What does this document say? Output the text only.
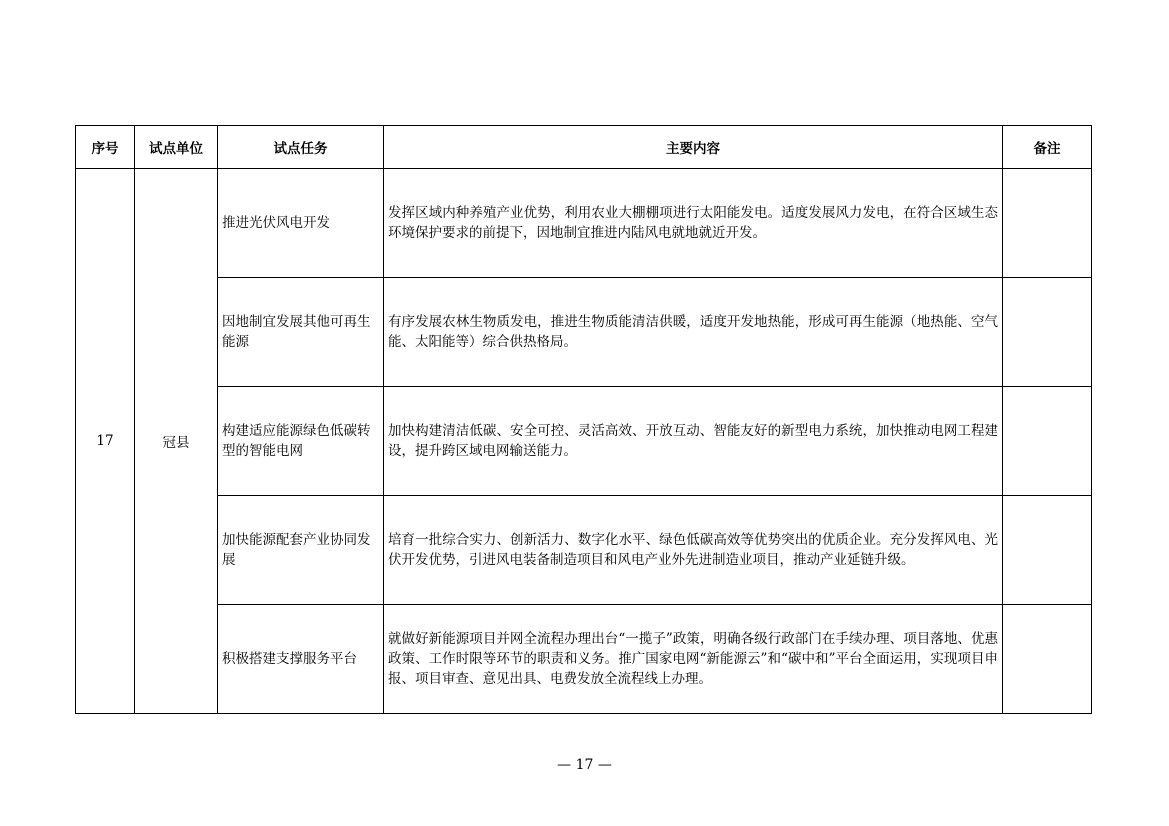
序号	试点单位	试点任务	主要内容	备注
17	冠县	推进光伏风电开发	发挥区域内种养殖产业优势，利用农业大棚棚项进行太阳能发电。适度发展风力发电，在符合区域生态环境保护要求的前提下，因地制宜推进内陆风电就地就近开发。	
		因地制宜发展其他可再生能源	有序发展农林生物质发电，推进生物质能清洁供暖，适度开发地热能，形成可再生能源（地热能、空气能、太阳能等）综合供热格局。	
		构建适应能源绿色低碳转型的智能电网	加快构建清洁低碳、安全可控、灵活高效、开放互动、智能友好的新型电力系统，加快推动电网工程建设，提升跨区域电网输送能力。	
		加快能源配套产业协同发展	培育一批综合实力、创新活力、数字化水平、绿色低碳高效等优势突出的优质企业。充分发挥风电、光伏开发优势，引进风电装备制造项目和风电产业外先进制造业项目，推动产业延链升级。	
		积极搭建支撑服务平台	就做好新能源项目并网全流程办理出台“一揽子”政策，明确各级行政部门在手续办理、项目落地、优惠政策、工作时限等环节的职责和义务。推广国家电网“新能源云”和“碳中和”平台全面运用，实现项目申报、项目审查、意见出具、电费发放全流程线上办理。	
— 17 —
